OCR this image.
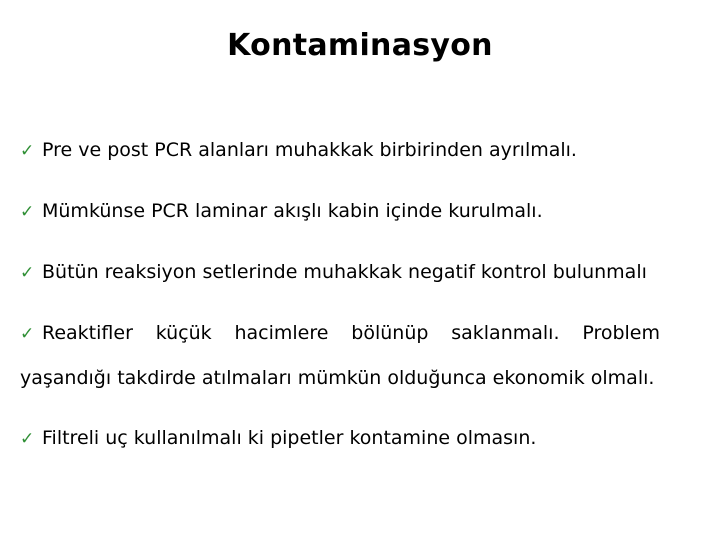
Kontaminasyon
✓ Pre ve post PCR alanları muhakkak birbirinden ayrılmalı.
✓ Mümkünse PCR laminar akışlı kabin içinde kurulmalı.
✓ Bütün reaksiyon setlerinde muhakkak negatif kontrol bulunmalı
✓ Reaktifler küçük hacimlere bölünüp saklanmalı. Problem yaşandığı takdirde atılmaları mümkün olduğunca ekonomik olmalı.
✓ Filtreli uç kullanılmalı ki pipetler kontamine olmasın.
